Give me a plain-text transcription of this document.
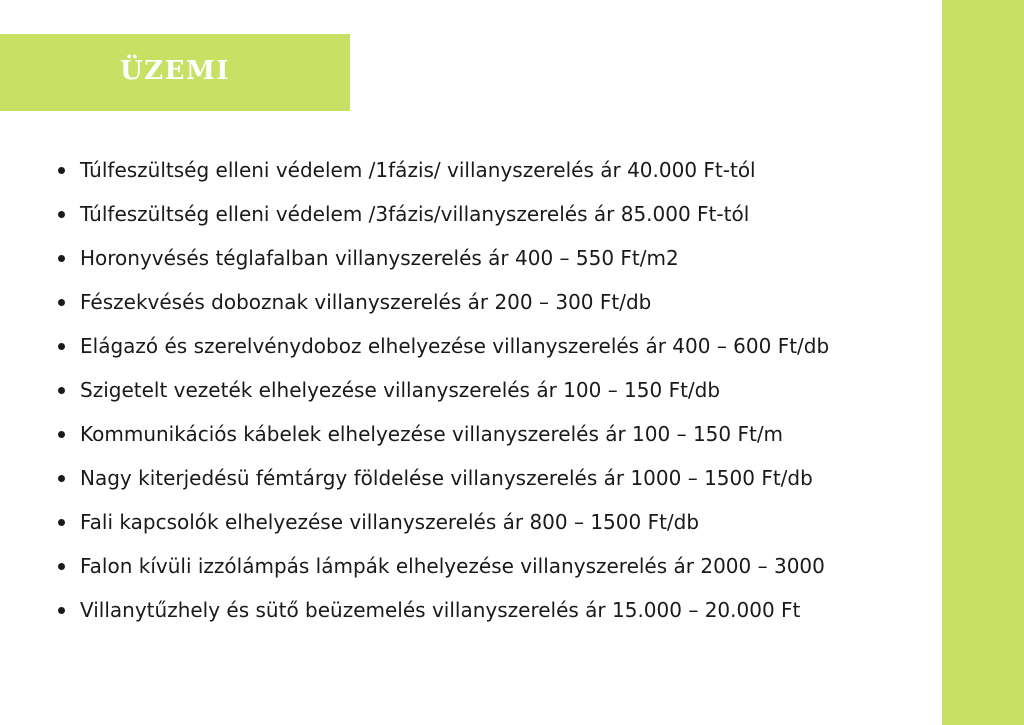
ÜZEMI
Túlfeszültség elleni védelem /1fázis/ villanyszerelés ár 40.000 Ft-tól
Túlfeszültség elleni védelem /3fázis/villanyszerelés ár 85.000 Ft-tól
Horonyvésés téglafalban villanyszerelés ár 400 – 550 Ft/m2
Fészekvésés doboznak villanyszerelés ár 200 – 300 Ft/db
Elágazó és szerelvénydoboz elhelyezése villanyszerelés ár 400 – 600 Ft/db
Szigetelt vezeték elhelyezése villanyszerelés ár 100 – 150 Ft/db
Kommunikációs kábelek elhelyezése villanyszerelés ár 100 – 150 Ft/m
Nagy kiterjedésü fémtárgy földelése villanyszerelés ár 1000 – 1500 Ft/db
Fali kapcsolók elhelyezése villanyszerelés ár 800 – 1500 Ft/db
Falon kívüli izzólámpás lámpák elhelyezése villanyszerelés ár 2000 – 3000
Villanytűzhely és sütő beüzemelés villanyszerelés ár 15.000 – 20.000 Ft
